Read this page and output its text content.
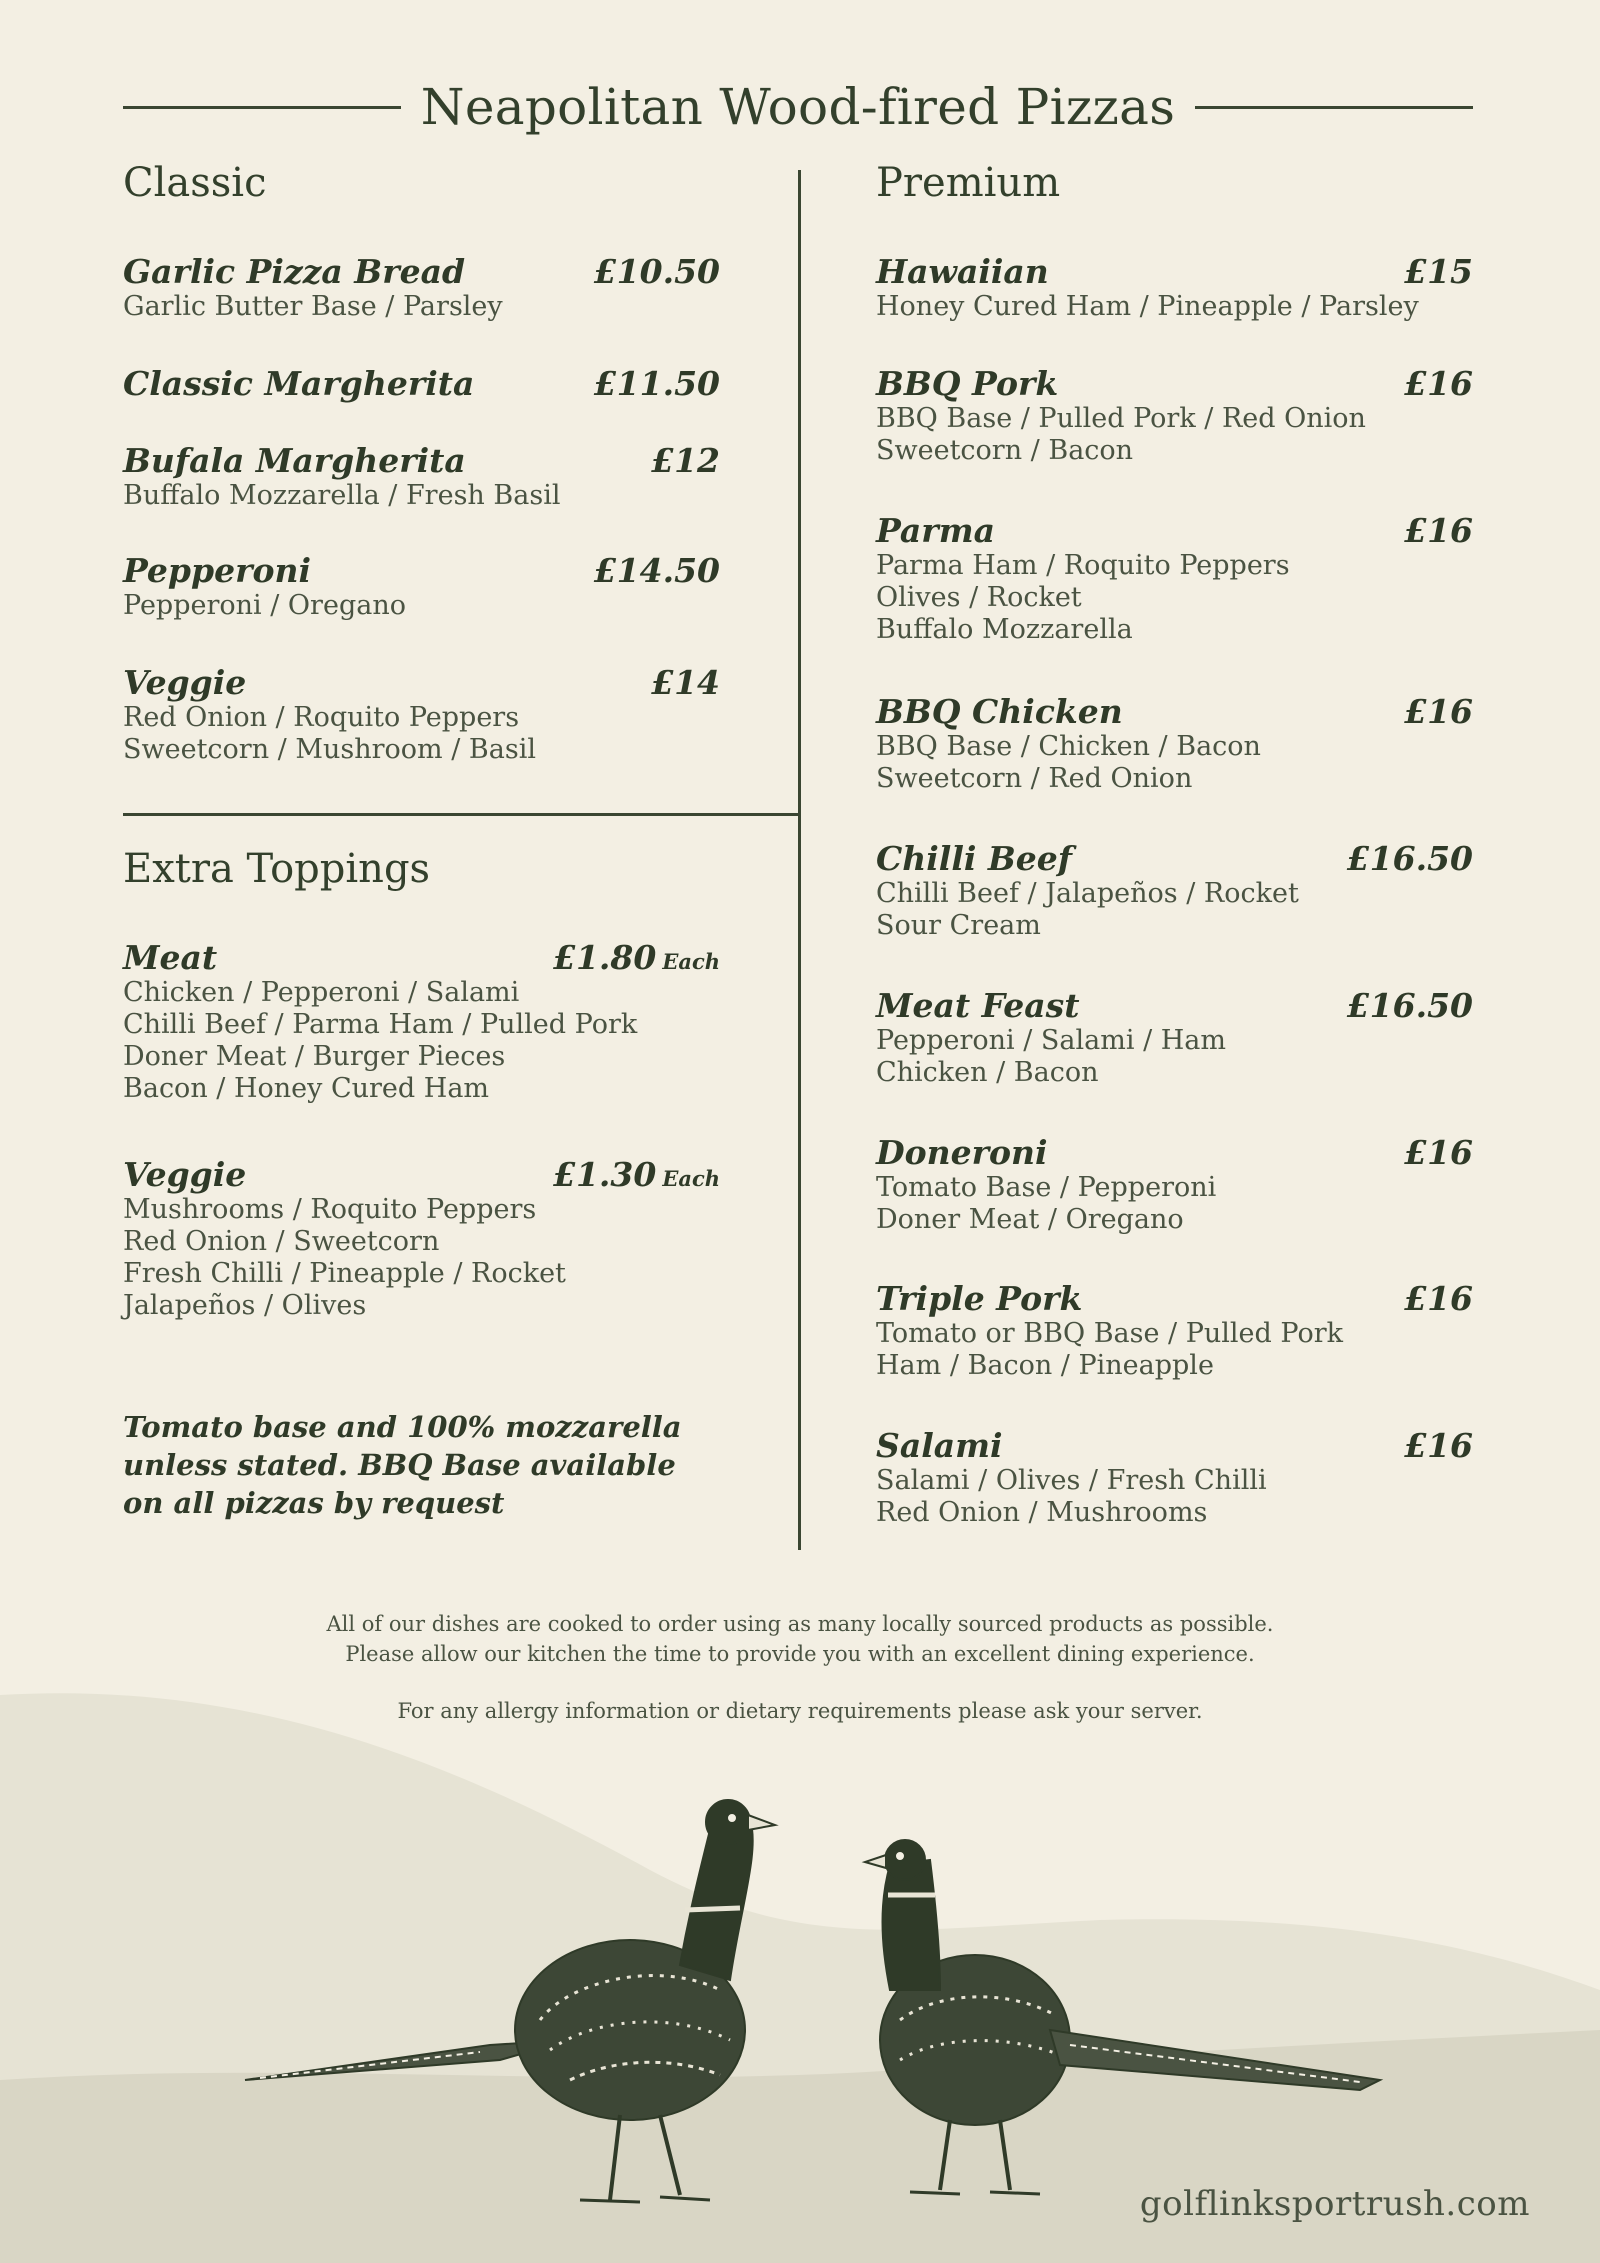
Neapolitan Wood-fired Pizzas
Classic
Garlic Pizza Bread	£10.50
Garlic Butter Base / Parsley
Classic Margherita	£11.50
Bufala Margherita	£12
Buffalo Mozzarella / Fresh Basil
Pepperoni	£14.50
Pepperoni / Oregano
Veggie	£14
Red Onion / Roquito Peppers
Sweetcorn / Mushroom / Basil
Extra Toppings
Meat	£1.80 Each
Chicken / Pepperoni / Salami
Chilli Beef / Parma Ham / Pulled Pork
Doner Meat / Burger Pieces
Bacon / Honey Cured Ham
Veggie	£1.30 Each
Mushrooms / Roquito Peppers
Red Onion / Sweetcorn
Fresh Chilli / Pineapple / Rocket
Jalapeños / Olives
Tomato base and 100% mozzarella unless stated. BBQ Base available on all pizzas by request
Premium
Hawaiian	£15
Honey Cured Ham / Pineapple / Parsley
BBQ Pork	£16
BBQ Base / Pulled Pork / Red Onion
Sweetcorn / Bacon
Parma	£16
Parma Ham / Roquito Peppers
Olives / Rocket
Buffalo Mozzarella
BBQ Chicken	£16
BBQ Base / Chicken / Bacon
Sweetcorn / Red Onion
Chilli Beef	£16.50
Chilli Beef / Jalapeños / Rocket
Sour Cream
Meat Feast	£16.50
Pepperoni / Salami / Ham
Chicken / Bacon
Doneroni	£16
Tomato Base / Pepperoni
Doner Meat / Oregano
Triple Pork	£16
Tomato or BBQ Base / Pulled Pork
Ham / Bacon / Pineapple
Salami	£16
Salami / Olives / Fresh Chilli
Red Onion / Mushrooms
All of our dishes are cooked to order using as many locally sourced products as possible.
Please allow our kitchen the time to provide you with an excellent dining experience.
For any allergy information or dietary requirements please ask your server.
golflinksportrush.com
